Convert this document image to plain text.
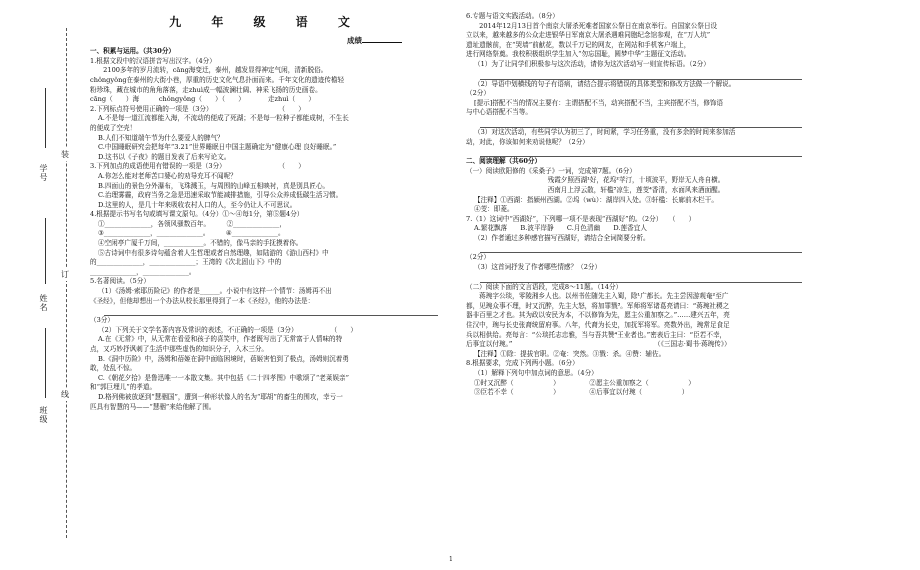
装
订
线
学号
姓名
班级
九 年 级 语 文
成绩

一、积累与运用。（共30分）

1.根据文段中的汉语拼音写出汉字。（4分）

　　2100多年的岁月流转，cāng海变迁，泰州，越发显得神定气闲，清新脱俗。

chǒngyǒng在泰州的大街小巷，厚重的历史文化气息扑面而来。千年文化的遗迹传檐轻

粉珍珠，藏在城市的角角落落，走zhuì成一幅波澜壮阔、神采飞扬的历史画卷。

cāng（　　）海　　　chǒngyǒng（　　）（　　）　　　　走zhuì（　　）

2.下列标点符号使用正确的一项是（3分）　　　　　　　　　　　（　　）

A.不是每一道江流都能入海，不流动的便成了死湖；不是每一粒种子都能成树，不生长

的便成了空壳！

B.人们不知道端午节为什么要爱人的脾气？

C.中国睡眠研究会把每年“3.21”世界睡眠日中国主题确定为“健康心理 良好睡眠。”

D.这书以《子夜》的题目发表了后来写论文。

3.下列加点的成语使用有错误的一项是（3分）　　　　　　　　　（　　）

A.你怎么能对老师苦口婆心的劝导充耳不闻呢？

B.四面山的景色分外瀑布，飞珠溅玉，与周围的山峰五相映衬，真是别具匠心。

C.治理雾霾，政府当务之急是迅速采取节能减排措施，引导公众养成低碳生活习惯。

D.这里的人，是几十年来吸收农村人口的人，至今仍让人不可思议。

4.根据提示书写名句或填写课文原句。（4分）①～④每1分，第⑤题4分）

①______________，各领风骚数百年。　　　②______________，

③______________，______________。　　　④______________。

④空闲亭广厦千万间，____________。不错的，像马亲的手抚摸着你。

⑤古诗词中有很多诗句蕴含着人生哲理或者自然理趣，如陆游的《游山西村》中

的______________，______________；王湾的《次北固山下》中的

______________，______________。

5.名著阅读。（5分）

（1）《汤姆·索耶历险记》的作者是______。小说中有这样一个情节：汤姆再不出

《圣经》，但他却想出一个办法从校长那里得到了一本《圣经》，他的办法是：

（3分）

（2）下列关于文学名著内容及常识的表述，不正确的一项是（3分）　　　　　　（　　）

A.在《无常》中，从无常在看爱和孩子的喜笑中，作者既写出了无常富于人情味的特

点，又巧妙抒讽刺了生活中那些虚伪的知识分子，入木三分。

B.《洞中历险》中，汤姆和蓓姬在洞中面临困境时，蓓姬害怕到了极点，汤姆则沉着勇

敢，处乱不惊。

C.《朝花夕拾》是鲁迅唯一一本散文集。其中包括《二十四孝图》中歌颂了“老莱娱亲”

和“郭巨埋儿”的孝道。

D.格列佛被放逐到“慧骃国”，遭到一种形状像人的名为“耶胡”的畜生的围攻，幸亏一

匹具有智慧的马——“慧骃”来给他解了围。

6.专题与语文实践活动。（8分）

　　2014年12月13日首个南京大屠杀死难者国家公祭日在南京举行。自国家公祭日设

立以来，越来越多的公众走进银华日军南京大屠杀遇难同胞纪念馆参观，在“万人坑”

遗址遗骸前，在“哭墙”前献花，数以千万记的网友，在网站和手机客户端上，

进行网络祭奠。我校积极组织学生加入“勿忘国耻，圆梦中华”主题征文活动。

（1）为了让同学们积极参与这次活动，请你为这次活动写一则宣传标语。（2分）

（2）导语中划横线的句子有语病，请结合提示将错误的具体类型和修改方法做一个解说。

（2分）

[提示]搭配不当的情况主要有：主谓搭配不当，动宾搭配不当，主宾搭配不当，修饰语

与中心语搭配不当等。

（3）对这次活动，有些同学认为初三了，时间紧，学习任务重，没有多余的时间来参加活

动，对此，你该如何来劝说他呢？（2分）

二、阅读理解（共60分）

（一）阅读欧阳修的《采桑子》一词，完成第7题。（6分）

残霞夕照西湖¹好，花坞²苹汀，十顷波平，野岸无人舟自横。

西南月上浮云散，轩槛³凉生，莲芰⁴香清，水面风来酒面醒。

【注释】①西湖：指颍州西湖。②坞（wù）：湖岸四入处。③轩槛：长廊前木栏干。

④芰：即菱。

7.（1）这词中“西湖好”，下列哪一项不是表现“西湖好”的。（2分）　　（　　）

A.繁花飘落　　B.波平岸静　　C.月色清幽　　D.莲香宜人

（2）作者通过多种感官描写西湖好，请结合全词简要分析。

（2分）

（3）这首词抒发了作者哪些情感？（2分）

（二）阅读下面的文言语段，完成8～11题。（14分）

　　蒋琬字公琰，零陵湘乡人也。以州书佐随先主入蜀，除¹广都长。先主尝因游观奄²至广

都，见琬众事不理，时又沉醉，先主大怒，将加罪戮³。军师将军诸葛亮请曰：“蒋琬社稷之

器非百里之才也。其为政以安民为本，不以修饰为先，愿主公重加察之。”……建兴五年，亮

住汉中，琬与长史张裔统留府事。八年，代裔为长史，加抚军将军。亮数外出，琬常足食足

兵以相供给。亮每言：“公琰托志忠雅，当与吾共赞⁴王业者也。”密表后主曰：“臣若不幸，

后事宜以付琬。”　　　　　　　　　　　　　　　　　　　　　　（《三国志·蜀书·蒋琬传》）

【注释】①除：提拔官职。②奄：突然。③戮：杀。④赞：辅佐。

8.根据要求，完成下列两小题。（6分）

（1）解释下列句中加点词的意思。（4分）

①时又沉醉（　　　　　　）　　　　　②愿主公重加察之（　　　　　　）

③臣若不幸（　　　　　　）　　　　　④后事宜以付琬（　　　　　　）

1
